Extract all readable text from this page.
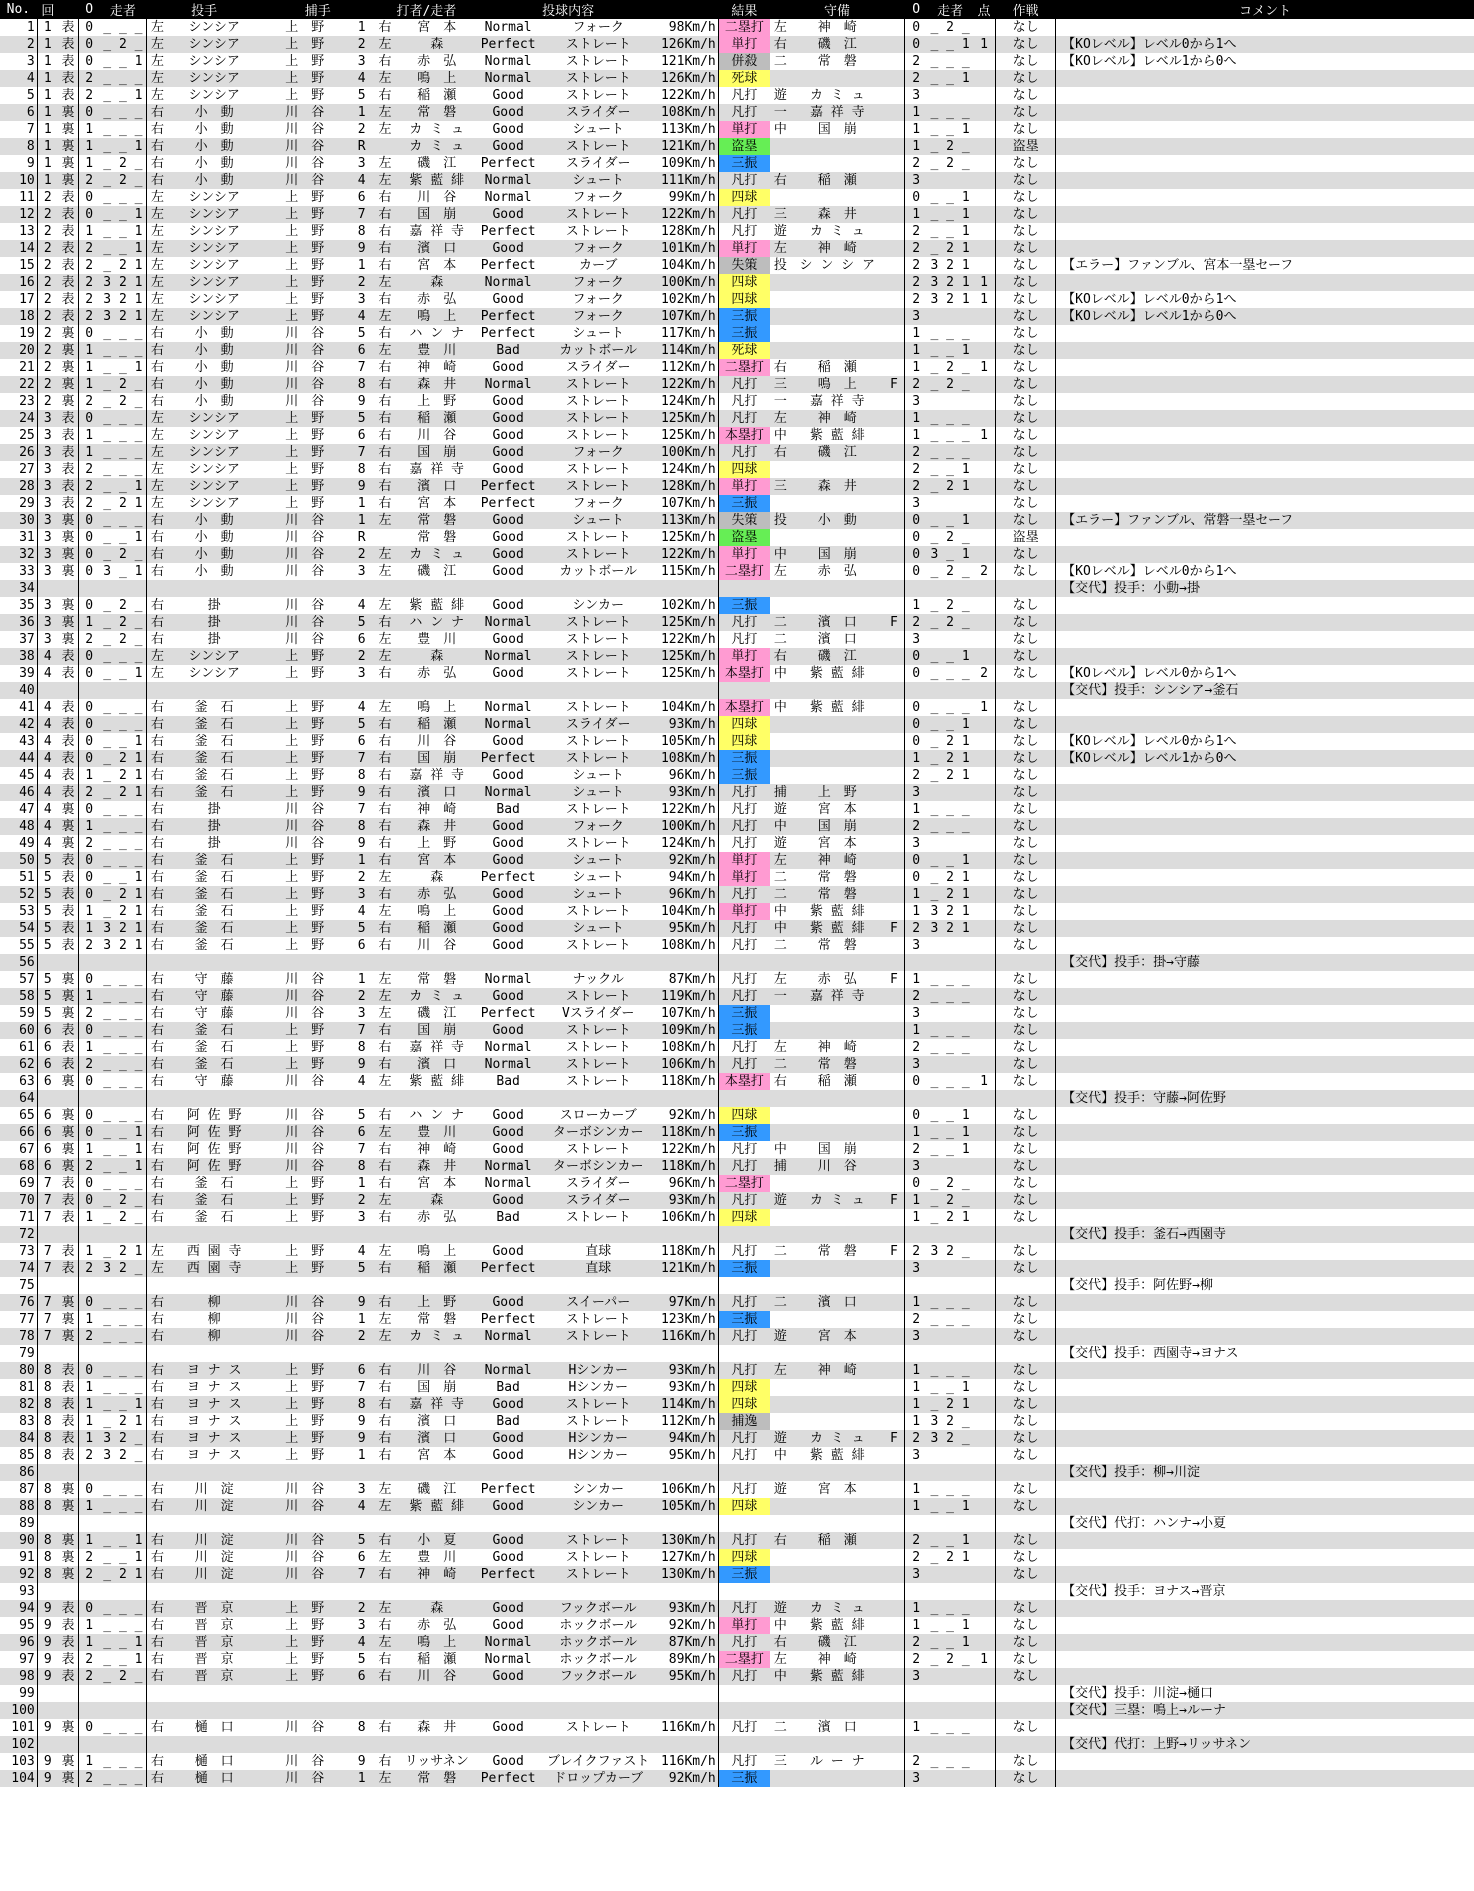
No.	回		O	走者	投手		捕手		打者/走者		投球内容			結果	守備			O	走者	点	作戦	コメント
1	1	表	0	_ _ _	左	シンシア	上　野	1	右	宮　本	Normal	フォーク	98Km/h	二塁打	左	神　崎		0	_ 2 _		なし	
2	1	表	0	_ 2 _	左	シンシア	上　野	2	左	森	Perfect	ストレート	126Km/h	単打	右	磯　江		0	_ _ 1	1	なし	【KOレベル】レベル0から1へ
3	1	表	0	_ _ 1	左	シンシア	上　野	3	右	赤　弘	Normal	ストレート	121Km/h	併殺	二	常　磐		2	_ _ _		なし	【KOレベル】レベル1から0へ
4	1	表	2	_ _ _	左	シンシア	上　野	4	左	鳴　上	Normal	ストレート	126Km/h	死球				2	_ _ 1		なし	
5	1	表	2	_ _ 1	左	シンシア	上　野	5	右	稲　瀬	Good	ストレート	122Km/h	凡打	遊	カ ミ ュ		3			なし	
6	1	裏	0	_ _ _	右	小　動	川　谷	1	左	常　磐	Good	スライダー	108Km/h	凡打	一	嘉 祥 寺		1	_ _ _		なし	
7	1	裏	1	_ _ _	右	小　動	川　谷	2	左	カ ミ ュ	Good	シュート	113Km/h	単打	中	国　崩		1	_ _ 1		なし	
8	1	裏	1	_ _ 1	右	小　動	川　谷	R		カ ミ ュ	Good	ストレート	121Km/h	盗塁				1	_ 2 _		盗塁	
9	1	裏	1	_ 2 _	右	小　動	川　谷	3	左	磯　江	Perfect	スライダー	109Km/h	三振				2	_ 2 _		なし	
10	1	裏	2	_ 2 _	右	小　動	川　谷	4	左	紫 藍 緋	Normal	シュート	111Km/h	凡打	右	稲　瀬		3			なし	
11	2	表	0	_ _ _	左	シンシア	上　野	6	右	川　谷	Normal	フォーク	99Km/h	四球				0	_ _ 1		なし	
12	2	表	0	_ _ 1	左	シンシア	上　野	7	右	国　崩	Good	ストレート	122Km/h	凡打	三	森　井		1	_ _ 1		なし	
13	2	表	1	_ _ 1	左	シンシア	上　野	8	右	嘉 祥 寺	Perfect	ストレート	128Km/h	凡打	遊	カ ミ ュ		2	_ _ 1		なし	
14	2	表	2	_ _ 1	左	シンシア	上　野	9	右	濱　口	Good	フォーク	101Km/h	単打	左	神　崎		2	_ 2 1		なし	
15	2	表	2	_ 2 1	左	シンシア	上　野	1	右	宮　本	Perfect	カーブ	104Km/h	失策	投	シ ン シ ア		2	3 2 1		なし	【エラー】ファンブル、宮本一塁セーフ
16	2	表	2	3 2 1	左	シンシア	上　野	2	左	森	Normal	フォーク	100Km/h	四球				2	3 2 1	1	なし	
17	2	表	2	3 2 1	左	シンシア	上　野	3	右	赤　弘	Good	フォーク	102Km/h	四球				2	3 2 1	1	なし	【KOレベル】レベル0から1へ
18	2	表	2	3 2 1	左	シンシア	上　野	4	左	鳴　上	Perfect	フォーク	107Km/h	三振				3			なし	【KOレベル】レベル1から0へ
19	2	裏	0	_ _ _	右	小　動	川　谷	5	右	ハ ン ナ	Perfect	シュート	117Km/h	三振				1	_ _ _		なし	
20	2	裏	1	_ _ _	右	小　動	川　谷	6	左	豊　川	Bad	カットボール	114Km/h	死球				1	_ _ 1		なし	
21	2	裏	1	_ _ 1	右	小　動	川　谷	7	右	神　崎	Good	スライダー	112Km/h	二塁打	右	稲　瀬		1	_ 2 _	1	なし	
22	2	裏	1	_ 2 _	右	小　動	川　谷	8	右	森　井	Normal	ストレート	122Km/h	凡打	三	鳴　上	F	2	_ 2 _		なし	
23	2	裏	2	_ 2 _	右	小　動	川　谷	9	右	上　野	Good	ストレート	124Km/h	凡打	一	嘉 祥 寺		3			なし	
24	3	表	0	_ _ _	左	シンシア	上　野	5	右	稲　瀬	Good	ストレート	125Km/h	凡打	左	神　崎		1	_ _ _		なし	
25	3	表	1	_ _ _	左	シンシア	上　野	6	右	川　谷	Good	ストレート	125Km/h	本塁打	中	紫 藍 緋		1	_ _ _	1	なし	
26	3	表	1	_ _ _	左	シンシア	上　野	7	右	国　崩	Good	フォーク	100Km/h	凡打	右	磯　江		2	_ _ _		なし	
27	3	表	2	_ _ _	左	シンシア	上　野	8	右	嘉 祥 寺	Good	ストレート	124Km/h	四球				2	_ _ 1		なし	
28	3	表	2	_ _ 1	左	シンシア	上　野	9	右	濱　口	Perfect	ストレート	128Km/h	単打	三	森　井		2	_ 2 1		なし	
29	3	表	2	_ 2 1	左	シンシア	上　野	1	右	宮　本	Perfect	フォーク	107Km/h	三振				3			なし	
30	3	裏	0	_ _ _	右	小　動	川　谷	1	左	常　磐	Good	シュート	113Km/h	失策	投	小　動		0	_ _ 1		なし	【エラー】ファンブル、常磐一塁セーフ
31	3	裏	0	_ _ 1	右	小　動	川　谷	R		常　磐	Good	ストレート	125Km/h	盗塁				0	_ 2 _		盗塁	
32	3	裏	0	_ 2 _	右	小　動	川　谷	2	左	カ ミ ュ	Good	ストレート	122Km/h	単打	中	国　崩		0	3 _ 1		なし	
33	3	裏	0	3 _ 1	右	小　動	川　谷	3	左	磯　江	Good	カットボール	115Km/h	二塁打	左	赤　弘		0	_ 2 _	2	なし	【KOレベル】レベル0から1へ
34																						【交代】投手：小動→掛
35	3	裏	0	_ 2 _	右	掛	川　谷	4	左	紫 藍 緋	Good	シンカー	102Km/h	三振				1	_ 2 _		なし	
36	3	裏	1	_ 2 _	右	掛	川　谷	5	右	ハ ン ナ	Normal	ストレート	125Km/h	凡打	二	濱　口	F	2	_ 2 _		なし	
37	3	裏	2	_ 2 _	右	掛	川　谷	6	左	豊　川	Good	ストレート	122Km/h	凡打	二	濱　口		3			なし	
38	4	表	0	_ _ _	左	シンシア	上　野	2	左	森	Normal	ストレート	125Km/h	単打	右	磯　江		0	_ _ 1		なし	
39	4	表	0	_ _ 1	左	シンシア	上　野	3	右	赤　弘	Good	ストレート	125Km/h	本塁打	中	紫 藍 緋		0	_ _ _	2	なし	【KOレベル】レベル0から1へ
40																						【交代】投手：シンシア→釜石
41	4	表	0	_ _ _	右	釜　石	上　野	4	左	鳴　上	Normal	ストレート	104Km/h	本塁打	中	紫 藍 緋		0	_ _ _	1	なし	
42	4	表	0	_ _ _	右	釜　石	上　野	5	右	稲　瀬	Normal	スライダー	93Km/h	四球				0	_ _ 1		なし	
43	4	表	0	_ _ 1	右	釜　石	上　野	6	右	川　谷	Good	ストレート	105Km/h	四球				0	_ 2 1		なし	【KOレベル】レベル0から1へ
44	4	表	0	_ 2 1	右	釜　石	上　野	7	右	国　崩	Perfect	ストレート	108Km/h	三振				1	_ 2 1		なし	【KOレベル】レベル1から0へ
45	4	表	1	_ 2 1	右	釜　石	上　野	8	右	嘉 祥 寺	Good	シュート	96Km/h	三振				2	_ 2 1		なし	
46	4	表	2	_ 2 1	右	釜　石	上　野	9	右	濱　口	Normal	シュート	93Km/h	凡打	捕	上　野		3			なし	
47	4	裏	0	_ _ _	右	掛	川　谷	7	右	神　崎	Bad	ストレート	122Km/h	凡打	遊	宮　本		1	_ _ _		なし	
48	4	裏	1	_ _ _	右	掛	川　谷	8	右	森　井	Good	フォーク	100Km/h	凡打	中	国　崩		2	_ _ _		なし	
49	4	裏	2	_ _ _	右	掛	川　谷	9	右	上　野	Good	ストレート	124Km/h	凡打	遊	宮　本		3			なし	
50	5	表	0	_ _ _	右	釜　石	上　野	1	右	宮　本	Good	シュート	92Km/h	単打	左	神　崎		0	_ _ 1		なし	
51	5	表	0	_ _ 1	右	釜　石	上　野	2	左	森	Perfect	シュート	94Km/h	単打	二	常　磐		0	_ 2 1		なし	
52	5	表	0	_ 2 1	右	釜　石	上　野	3	右	赤　弘	Good	シュート	96Km/h	凡打	二	常　磐		1	_ 2 1		なし	
53	5	表	1	_ 2 1	右	釜　石	上　野	4	左	鳴　上	Good	ストレート	104Km/h	単打	中	紫 藍 緋		1	3 2 1		なし	
54	5	表	1	3 2 1	右	釜　石	上　野	5	右	稲　瀬	Good	シュート	95Km/h	凡打	中	紫 藍 緋	F	2	3 2 1		なし	
55	5	表	2	3 2 1	右	釜　石	上　野	6	右	川　谷	Good	ストレート	108Km/h	凡打	二	常　磐		3			なし	
56																						【交代】投手：掛→守藤
57	5	裏	0	_ _ _	右	守　藤	川　谷	1	左	常　磐	Normal	ナックル	87Km/h	凡打	左	赤　弘	F	1	_ _ _		なし	
58	5	裏	1	_ _ _	右	守　藤	川　谷	2	左	カ ミ ュ	Good	ストレート	119Km/h	凡打	一	嘉 祥 寺		2	_ _ _		なし	
59	5	裏	2	_ _ _	右	守　藤	川　谷	3	左	磯　江	Perfect	Vスライダー	107Km/h	三振				3			なし	
60	6	表	0	_ _ _	右	釜　石	上　野	7	右	国　崩	Good	ストレート	109Km/h	三振				1	_ _ _		なし	
61	6	表	1	_ _ _	右	釜　石	上　野	8	右	嘉 祥 寺	Normal	ストレート	108Km/h	凡打	左	神　崎		2	_ _ _		なし	
62	6	表	2	_ _ _	右	釜　石	上　野	9	右	濱　口	Normal	ストレート	106Km/h	凡打	二	常　磐		3			なし	
63	6	裏	0	_ _ _	右	守　藤	川　谷	4	左	紫 藍 緋	Bad	ストレート	118Km/h	本塁打	右	稲　瀬		0	_ _ _	1	なし	
64																						【交代】投手：守藤→阿佐野
65	6	裏	0	_ _ _	右	阿 佐 野	川　谷	5	右	ハ ン ナ	Good	スローカーブ	92Km/h	四球				0	_ _ 1		なし	
66	6	裏	0	_ _ 1	右	阿 佐 野	川　谷	6	左	豊　川	Good	ターボシンカー	118Km/h	三振				1	_ _ 1		なし	
67	6	裏	1	_ _ 1	右	阿 佐 野	川　谷	7	右	神　崎	Good	ストレート	122Km/h	凡打	中	国　崩		2	_ _ 1		なし	
68	6	裏	2	_ _ 1	右	阿 佐 野	川　谷	8	右	森　井	Normal	ターボシンカー	118Km/h	凡打	捕	川　谷		3			なし	
69	7	表	0	_ _ _	右	釜　石	上　野	1	右	宮　本	Normal	スライダー	96Km/h	二塁打				0	_ 2 _		なし	
70	7	表	0	_ 2 _	右	釜　石	上　野	2	左	森	Good	スライダー	93Km/h	凡打	遊	カ ミ ュ	F	1	_ 2 _		なし	
71	7	表	1	_ 2 _	右	釜　石	上　野	3	右	赤　弘	Bad	ストレート	106Km/h	四球				1	_ 2 1		なし	
72																						【交代】投手：釜石→西園寺
73	7	表	1	_ 2 1	左	西 園 寺	上　野	4	左	鳴　上	Good	直球	118Km/h	凡打	二	常　磐	F	2	3 2 _		なし	
74	7	表	2	3 2 _	左	西 園 寺	上　野	5	右	稲　瀬	Perfect	直球	121Km/h	三振				3			なし	
75																						【交代】投手：阿佐野→柳
76	7	裏	0	_ _ _	右	柳	川　谷	9	右	上　野	Good	スイーパー	97Km/h	凡打	二	濱　口		1	_ _ _		なし	
77	7	裏	1	_ _ _	右	柳	川　谷	1	左	常　磐	Perfect	ストレート	123Km/h	三振				2	_ _ _		なし	
78	7	裏	2	_ _ _	右	柳	川　谷	2	左	カ ミ ュ	Normal	ストレート	116Km/h	凡打	遊	宮　本		3			なし	
79																						【交代】投手：西園寺→ヨナス
80	8	表	0	_ _ _	右	ヨ ナ ス	上　野	6	右	川　谷	Normal	Hシンカー	93Km/h	凡打	左	神　崎		1	_ _ _		なし	
81	8	表	1	_ _ _	右	ヨ ナ ス	上　野	7	右	国　崩	Bad	Hシンカー	93Km/h	四球				1	_ _ 1		なし	
82	8	表	1	_ _ 1	右	ヨ ナ ス	上　野	8	右	嘉 祥 寺	Good	ストレート	114Km/h	四球				1	_ 2 1		なし	
83	8	表	1	_ 2 1	右	ヨ ナ ス	上　野	9	右	濱　口	Bad	ストレート	112Km/h	捕逸				1	3 2 _		なし	
84	8	表	1	3 2 _	右	ヨ ナ ス	上　野	9	右	濱　口	Good	Hシンカー	94Km/h	凡打	遊	カ ミ ュ	F	2	3 2 _		なし	
85	8	表	2	3 2 _	右	ヨ ナ ス	上　野	1	右	宮　本	Good	Hシンカー	95Km/h	凡打	中	紫 藍 緋		3			なし	
86																						【交代】投手：柳→川淀
87	8	裏	0	_ _ _	右	川　淀	川　谷	3	左	磯　江	Perfect	シンカー	106Km/h	凡打	遊	宮　本		1	_ _ _		なし	
88	8	裏	1	_ _ _	右	川　淀	川　谷	4	左	紫 藍 緋	Good	シンカー	105Km/h	四球				1	_ _ 1		なし	
89																						【交代】代打：ハンナ→小夏
90	8	裏	1	_ _ 1	右	川　淀	川　谷	5	右	小　夏	Good	ストレート	130Km/h	凡打	右	稲　瀬		2	_ _ 1		なし	
91	8	裏	2	_ _ 1	右	川　淀	川　谷	6	左	豊　川	Good	ストレート	127Km/h	四球				2	_ 2 1		なし	
92	8	裏	2	_ 2 1	右	川　淀	川　谷	7	右	神　崎	Perfect	ストレート	130Km/h	三振				3			なし	
93																						【交代】投手：ヨナス→晋京
94	9	表	0	_ _ _	右	晋　京	上　野	2	左	森	Good	フックボール	93Km/h	凡打	遊	カ ミ ュ		1	_ _ _		なし	
95	9	表	1	_ _ _	右	晋　京	上　野	3	右	赤　弘	Good	ホックボール	92Km/h	単打	中	紫 藍 緋		1	_ _ 1		なし	
96	9	表	1	_ _ 1	右	晋　京	上　野	4	左	鳴　上	Normal	ホックボール	87Km/h	凡打	右	磯　江		2	_ _ 1		なし	
97	9	表	2	_ _ 1	右	晋　京	上　野	5	右	稲　瀬	Normal	ホックボール	89Km/h	二塁打	左	神　崎		2	_ 2 _	1	なし	
98	9	表	2	_ 2 _	右	晋　京	上　野	6	右	川　谷	Good	フックボール	95Km/h	凡打	中	紫 藍 緋		3			なし	
99																						【交代】投手：川淀→樋口
100																						【交代】三塁：鳴上→ルーナ
101	9	裏	0	_ _ _	右	樋　口	川　谷	8	右	森　井	Good	ストレート	116Km/h	凡打	二	濱　口		1	_ _ _		なし	
102																						【交代】代打：上野→リッサネン
103	9	裏	1	_ _ _	右	樋　口	川　谷	9	右	リッサネン	Good	ブレイクファスト	116Km/h	凡打	三	ル ー ナ		2	_ _ _		なし	
104	9	裏	2	_ _ _	右	樋　口	川　谷	1	左	常　磐	Perfect	ドロップカーブ	92Km/h	三振				3			なし	
